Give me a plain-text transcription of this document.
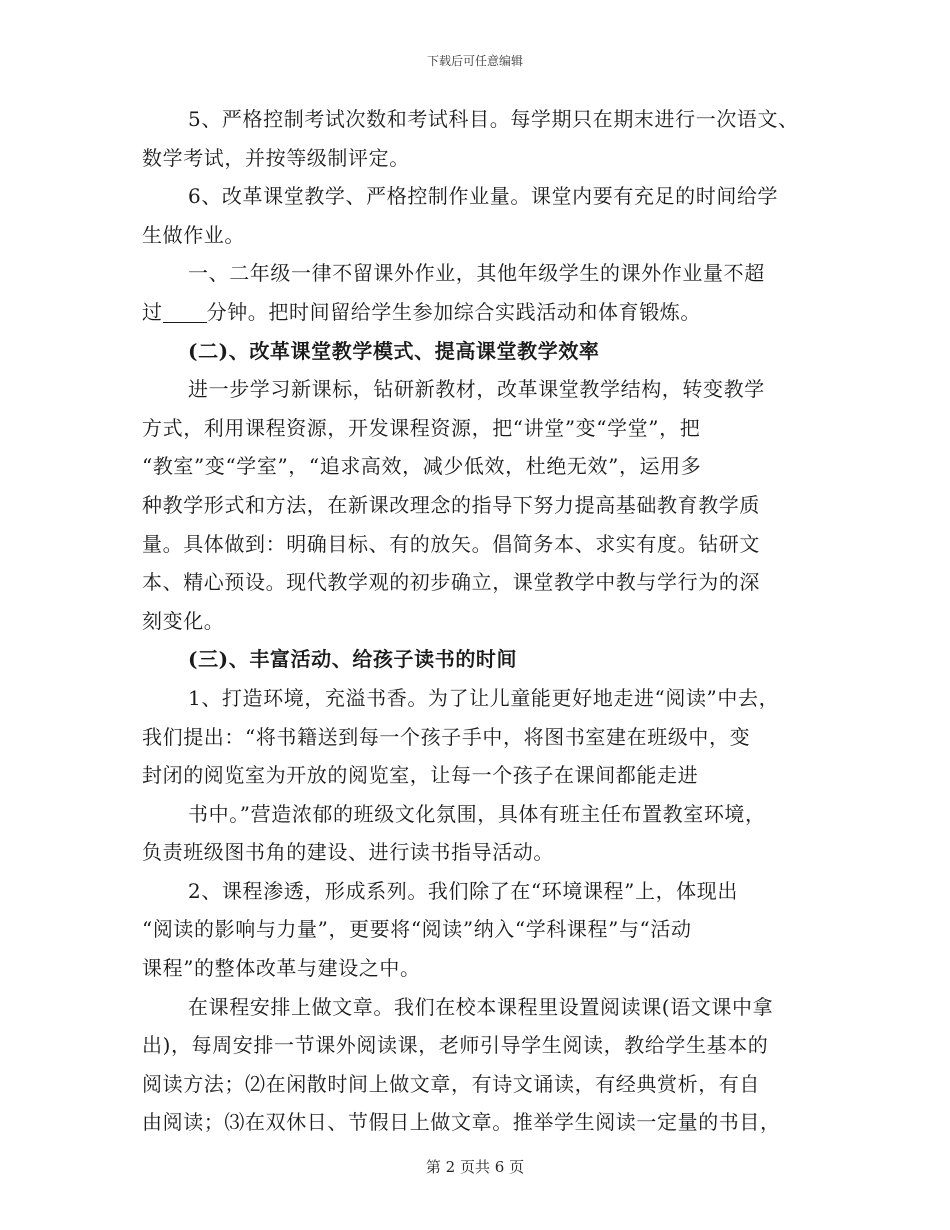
下载后可任意编辑
5、严格控制考试次数和考试科目。每学期只在期末进行一次语文、
数学考试，并按等级制评定。
6、改革课堂教学、严格控制作业量。课堂内要有充足的时间给学
生做作业。
一、二年级一律不留课外作业，其他年级学生的课外作业量不超
过 分钟。把时间留给学生参加综合实践活动和体育锻炼。
(二)、改革课堂教学模式、提高课堂教学效率
进一步学习新课标，钻研新教材，改革课堂教学结构，转变教学
方式，利用课程资源，开发课程资源，把“讲堂”变“学堂”，把
“教室”变“学室”，“追求高效，减少低效，杜绝无效”，运用多
种教学形式和方法，在新课改理念的指导下努力提高基础教育教学质
量。具体做到：明确目标、有的放矢。倡简务本、求实有度。钻研文
本、精心预设。现代教学观的初步确立，课堂教学中教与学行为的深
刻变化。
(三)、丰富活动、给孩子读书的时间
1、打造环境，充溢书香。为了让儿童能更好地走进“阅读”中去，
我们提出：“将书籍送到每一个孩子手中，将图书室建在班级中，变
封闭的阅览室为开放的阅览室，让每一个孩子在课间都能走进
书中。”营造浓郁的班级文化氛围，具体有班主任布置教室环境，
负责班级图书角的建设、进行读书指导活动。
2、课程渗透，形成系列。我们除了在“环境课程”上，体现出
“阅读的影响与力量”，更要将“阅读”纳入“学科课程”与“活动
课程”的整体改革与建设之中。
在课程安排上做文章。我们在校本课程里设置阅读课(语文课中拿
出)，每周安排一节课外阅读课，老师引导学生阅读，教给学生基本的
阅读方法；⑵在闲散时间上做文章，有诗文诵读，有经典赏析，有自
由阅读；⑶在双休日、节假日上做文章。推举学生阅读一定量的书目，
第 2 页共 6 页
